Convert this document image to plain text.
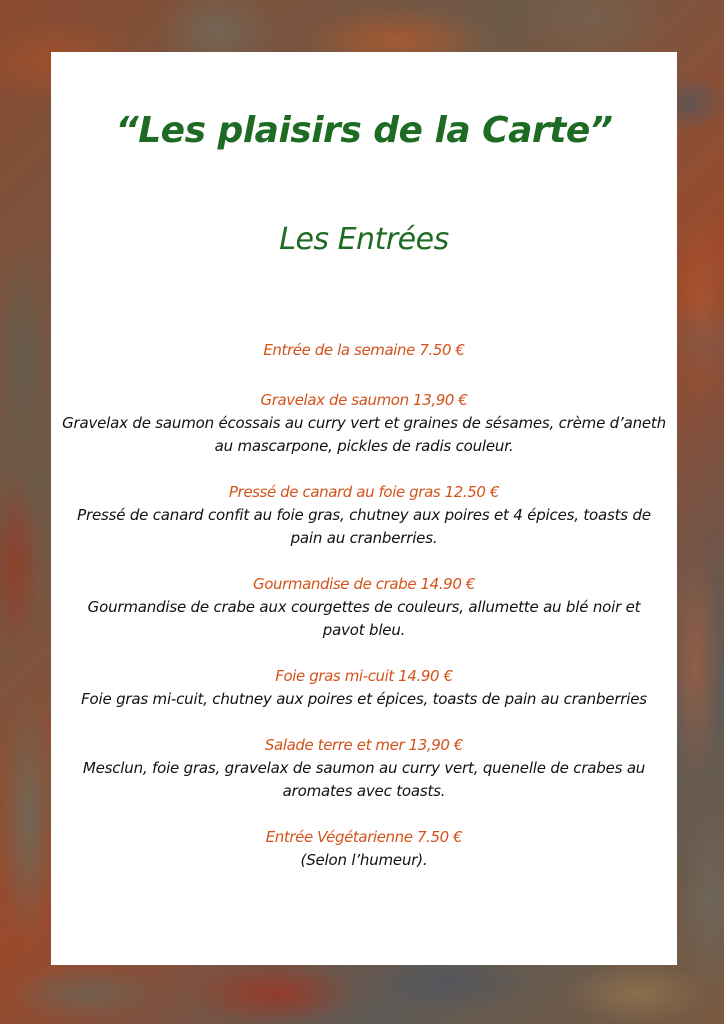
“Les plaisirs de la Carte”
Les Entrées
Entrée de la semaine 7.50 €
Gravelax de saumon 13,90 €
Gravelax de saumon écossais au curry vert et graines de sésames, crème d’aneth
au mascarpone, pickles de radis couleur.
Pressé de canard au foie gras 12.50 €
Pressé de canard confit au foie gras, chutney aux poires et 4 épices, toasts de
pain au cranberries.
Gourmandise de crabe 14.90 €
Gourmandise de crabe aux courgettes de couleurs, allumette au blé noir et
pavot bleu.
Foie gras mi-cuit 14.90 €
Foie gras mi-cuit, chutney aux poires et épices, toasts de pain au cranberries
Salade terre et mer 13,90 €
Mesclun, foie gras, gravelax de saumon au curry vert, quenelle de crabes au
aromates avec toasts.
Entrée Végétarienne 7.50 €
(Selon l’humeur).
